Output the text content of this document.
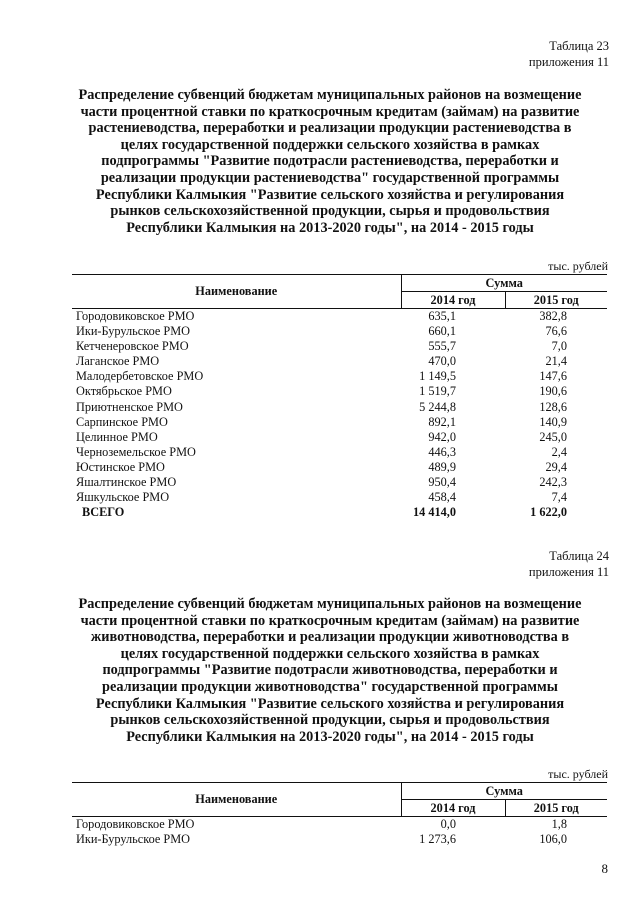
Таблица 23
приложения 11
Распределение субвенций бюджетам муниципальных районов на возмещение
части процентной ставки по краткосрочным кредитам (займам) на развитие
растениеводства, переработки и реализации продукции растениеводства в
целях государственной поддержки сельского хозяйства в рамках
подпрограммы "Развитие подотрасли растениеводства, переработки и
реализации продукции растениеводства" государственной программы
Республики Калмыкия "Развитие сельского хозяйства и регулирования
рынков сельскохозяйственной продукции, сырья и продовольствия
Республики Калмыкия на 2013-2020 годы", на 2014 - 2015 годы
тыс. рублей
Наименование	Сумма	
	2014 год	2015 год
Городовиковское РМО	635,1	382,8
Ики-Бурульское РМО	660,1	76,6
Кетченеровское РМО	555,7	7,0
Лаганское РМО	470,0	21,4
Малодербетовское РМО	1 149,5	147,6
Октябрьское РМО	1 519,7	190,6
Приютненское РМО	5 244,8	128,6
Сарпинское РМО	892,1	140,9
Целинное РМО	942,0	245,0
Черноземельское РМО	446,3	2,4
Юстинское РМО	489,9	29,4
Яшалтинское РМО	950,4	242,3
Яшкульское РМО	458,4	7,4
ВСЕГО	14 414,0	1 622,0
Таблица 24
приложения 11
Распределение субвенций бюджетам муниципальных районов на возмещение
части процентной ставки по краткосрочным кредитам (займам) на развитие
животноводства, переработки и реализации продукции животноводства в
целях государственной поддержки сельского хозяйства в рамках
подпрограммы "Развитие подотрасли животноводства, переработки и
реализации продукции животноводства" государственной программы
Республики Калмыкия "Развитие сельского хозяйства и регулирования
рынков сельскохозяйственной продукции, сырья и продовольствия
Республики Калмыкия на 2013-2020 годы", на 2014 - 2015 годы
тыс. рублей
Наименование	Сумма	
	2014 год	2015 год
Городовиковское РМО	0,0	1,8
Ики-Бурульское РМО	1 273,6	106,0
8
